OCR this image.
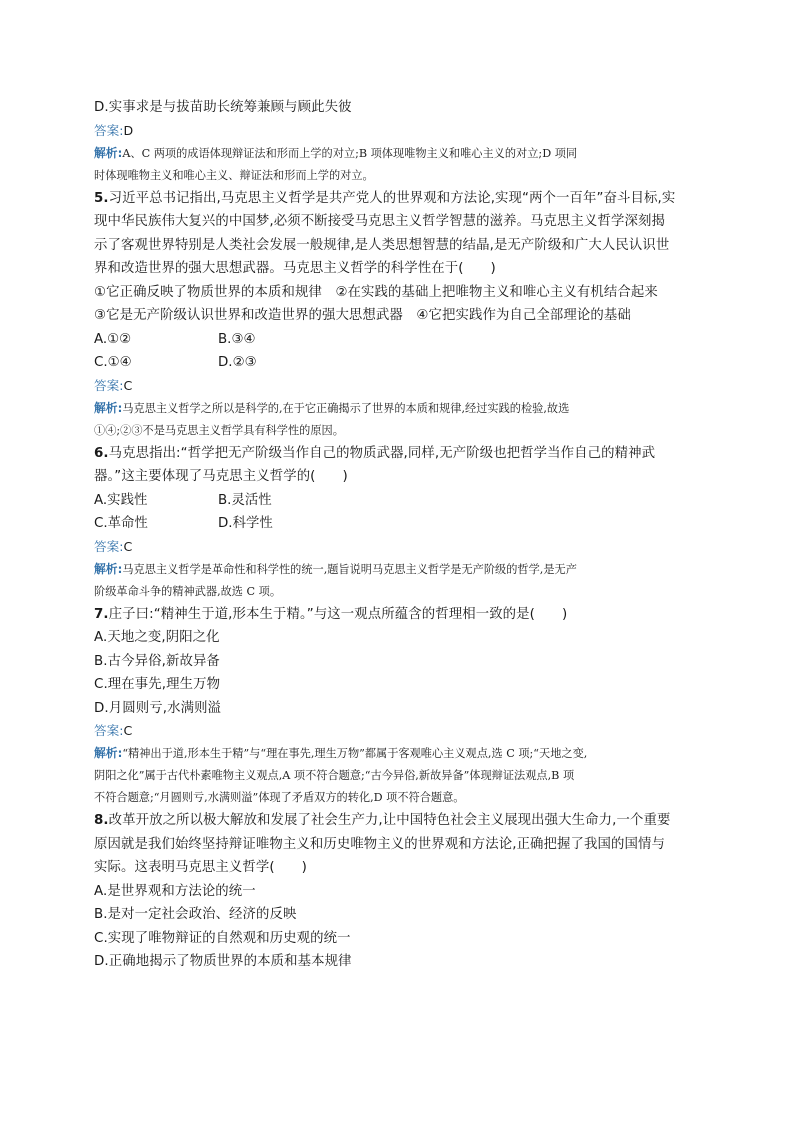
D.实事求是与拔苗助长统筹兼顾与顾此失彼
答案:D
解析:A、C 两项的成语体现辩证法和形而上学的对立;B 项体现唯物主义和唯心主义的对立;D 项同
时体现唯物主义和唯心主义、辩证法和形而上学的对立。
5.习近平总书记指出,马克思主义哲学是共产党人的世界观和方法论,实现“两个一百年”奋斗目标,实
现中华民族伟大复兴的中国梦,必须不断接受马克思主义哲学智慧的滋养。马克思主义哲学深刻揭
示了客观世界特别是人类社会发展一般规律,是人类思想智慧的结晶,是无产阶级和广大人民认识世
界和改造世界的强大思想武器。马克思主义哲学的科学性在于(　　)
①它正确反映了物质世界的本质和规律　②在实践的基础上把唯物主义和唯心主义有机结合起来
③它是无产阶级认识世界和改造世界的强大思想武器　④它把实践作为自己全部理论的基础
A.①②	B.③④
C.①④	D.②③
答案:C
解析:马克思主义哲学之所以是科学的,在于它正确揭示了世界的本质和规律,经过实践的检验,故选
①④;②③不是马克思主义哲学具有科学性的原因。
6.马克思指出:“哲学把无产阶级当作自己的物质武器,同样,无产阶级也把哲学当作自己的精神武
器。”这主要体现了马克思主义哲学的(　　)
A.实践性	B.灵活性
C.革命性	D.科学性
答案:C
解析:马克思主义哲学是革命性和科学性的统一,题旨说明马克思主义哲学是无产阶级的哲学,是无产
阶级革命斗争的精神武器,故选 C 项。
7.庄子曰:“精神生于道,形本生于精。”与这一观点所蕴含的哲理相一致的是(　　)
A.天地之变,阴阳之化
B.古今异俗,新故异备
C.理在事先,理生万物
D.月圆则亏,水满则溢
答案:C
解析:“精神出于道,形本生于精”与“理在事先,理生万物”都属于客观唯心主义观点,选 C 项;“天地之变,
阴阳之化”属于古代朴素唯物主义观点,A 项不符合题意;“古今异俗,新故异备”体现辩证法观点,B 项
不符合题意;“月圆则亏,水满则溢”体现了矛盾双方的转化,D 项不符合题意。
8.改革开放之所以极大解放和发展了社会生产力,让中国特色社会主义展现出强大生命力,一个重要
原因就是我们始终坚持辩证唯物主义和历史唯物主义的世界观和方法论,正确把握了我国的国情与
实际。这表明马克思主义哲学(　　)
A.是世界观和方法论的统一
B.是对一定社会政治、经济的反映
C.实现了唯物辩证的自然观和历史观的统一
D.正确地揭示了物质世界的本质和基本规律
